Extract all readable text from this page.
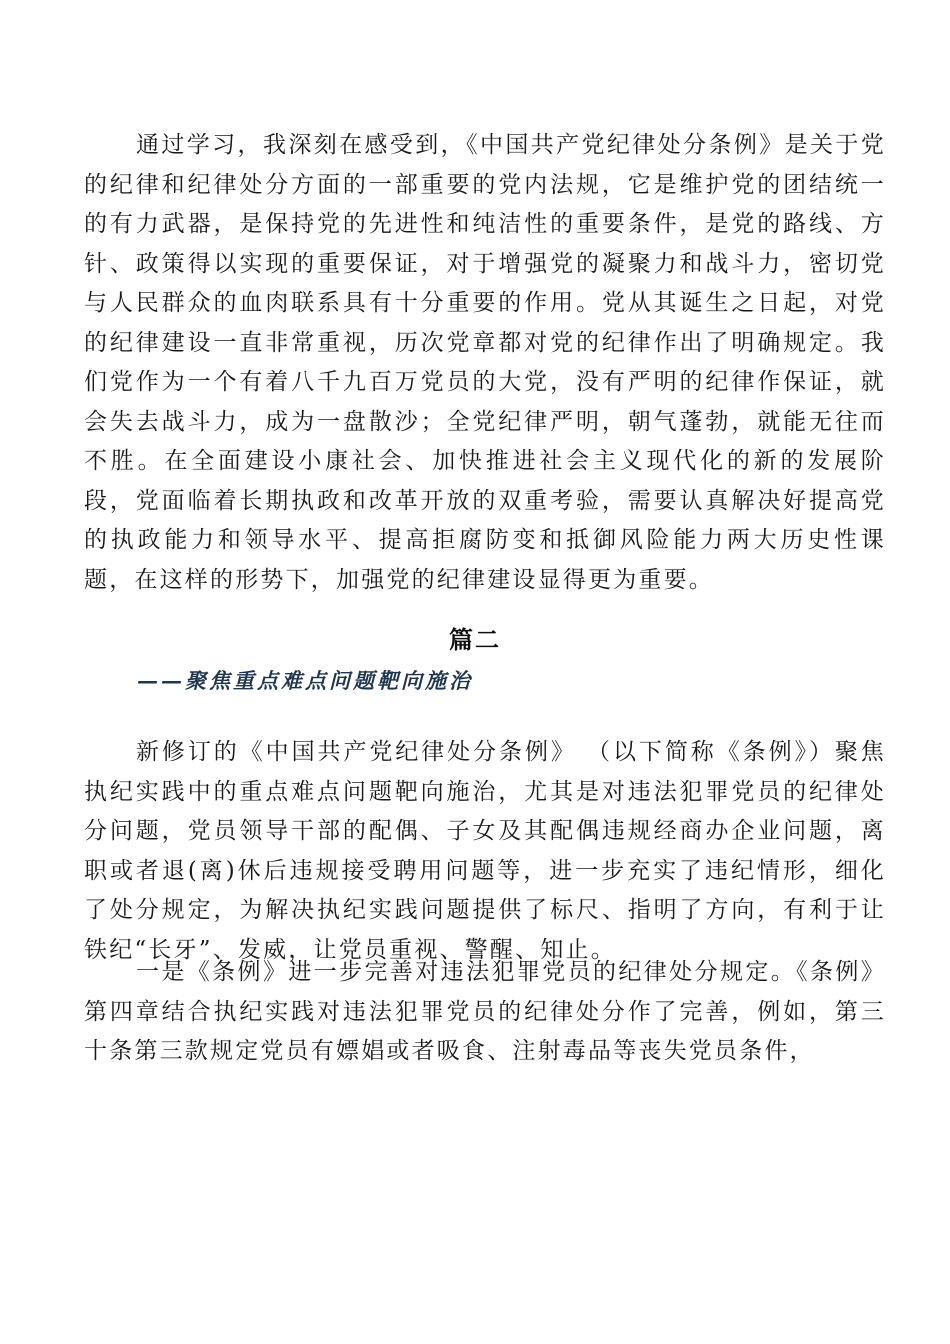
通过学习，我深刻在感受到，《中国共产党纪律处分条例》是关于党的纪律和纪律处分方面的一部重要的党内法规，它是维护党的团结统一的有力武器，是保持党的先进性和纯洁性的重要条件，是党的路线、方针、政策得以实现的重要保证，对于增强党的凝聚力和战斗力，密切党与人民群众的血肉联系具有十分重要的作用。党从其诞生之日起，对党的纪律建设一直非常重视，历次党章都对党的纪律作出了明确规定。我们党作为一个有着八千九百万党员的大党，没有严明的纪律作保证，就会失去战斗力，成为一盘散沙；全党纪律严明，朝气蓬勃，就能无往而不胜。在全面建设小康社会、加快推进社会主义现代化的新的发展阶段，党面临着长期执政和改革开放的双重考验，需要认真解决好提高党的执政能力和领导水平、提高拒腐防变和抵御风险能力两大历史性课题，在这样的形势下，加强党的纪律建设显得更为重要。

篇二

——聚焦重点难点问题靶向施治

新修订的《中国共产党纪律处分条例》 （以下简称《条例》）聚焦执纪实践中的重点难点问题靶向施治，尤其是对违法犯罪党员的纪律处分问题，党员领导干部的配偶、子女及其配偶违规经商办企业问题，离职或者退(离)休后违规接受聘用问题等，进一步充实了违纪情形，细化了处分规定，为解决执纪实践问题提供了标尺、指明了方向，有利于让铁纪“长牙”、发威，让党员重视、警醒、知止。

一是《条例》进一步完善对违法犯罪党员的纪律处分规定。《条例》第四章结合执纪实践对违法犯罪党员的纪律处分作了完善，例如，第三十条第三款规定党员有嫖娼或者吸食、注射毒品等丧失党员条件，
